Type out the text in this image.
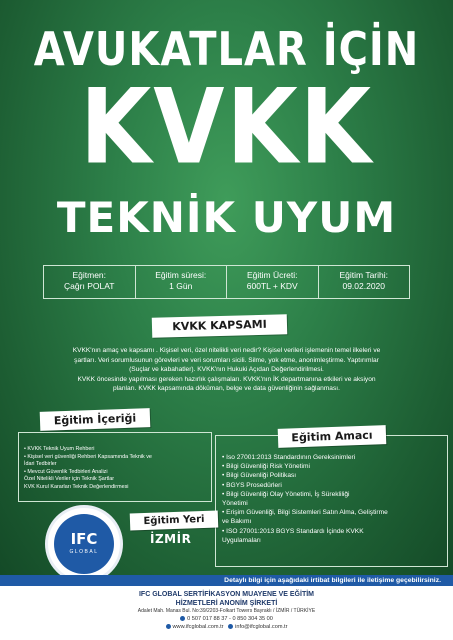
AVUKATLAR İÇİN
KVKK
TEKNİK UYUM
Eğitmen:
Çağrı POLAT
Eğitim süresi:
1 Gün
Eğitim Ücreti:
600TL + KDV
Eğitim Tarihi:
09.02.2020
KVKK KAPSAMI
KVKK'nın amaç ve kapsamı . Kişisel veri, özel nitelikli veri nedir? Kişisel verileri işlemenin temel ilkeleri ve
şartları. Veri sorumlusunun görevleri ve veri sorumları sicili. Silme, yok etme, anonimleştirme. Yaptırımlar
(Suçlar ve kabahatler). KVKK'nın Hukuki Açıdan Değerlendirilmesi.
KVKK öncesinde yapılması gereken hazırlık çalışmaları. KVKK'nın İK departmanına etkileri ve aksiyon
planları. KVKK kapsamında döküman, belge ve data güvenliğinin sağlanması.
Eğitim İçeriği
• KVKK Teknik Uyum Rehberi
• Kişisel veri güvenliği Rehberi Kapsamında Teknik ve
İdari Tedbirler
• Mevcut Güvenlik Tedbirleri Analizi
Özel Nitelikli Veriler için Teknik Şartlar
KVK Kurul Kararları Teknik Değerlendirmesi
Eğitim Amacı
• Iso 27001:2013 Standardının Gereksinimleri
• Bilgi Güvenliği Risk Yönetimi
• Bilgi Güvenliği Politikası
• BGYS Prosedürleri
• Bilgi Güvenliği Olay Yönetimi, İş Sürekliliği
Yönetimi
• Erişim Güvenliği, Bilgi Sistemleri Satın Alma, Geliştirme
ve Bakımı
• ISO 27001:2013 BGYS Standardı İçinde KVKK
Uygulamaları
IFC
GLOBAL
Eğitim Yeri
İZMİR
Detaylı bilgi için aşağıdaki irtibat bilgileri ile iletişime geçebilirsiniz.
IFC GLOBAL SERTİFİKASYON MUAYENE VE EĞİTİM
HİZMETLERİ ANONİM ŞİRKETİ
Adalet Mah. Manas Bul. No:39/2203-Folkart Towers Bayraklı / İZMİR / TÜRKİYE
0 507 017 88 37 - 0 850 304 35 00
www.ifcglobal.com.tr info@ifcglobal.com.tr
